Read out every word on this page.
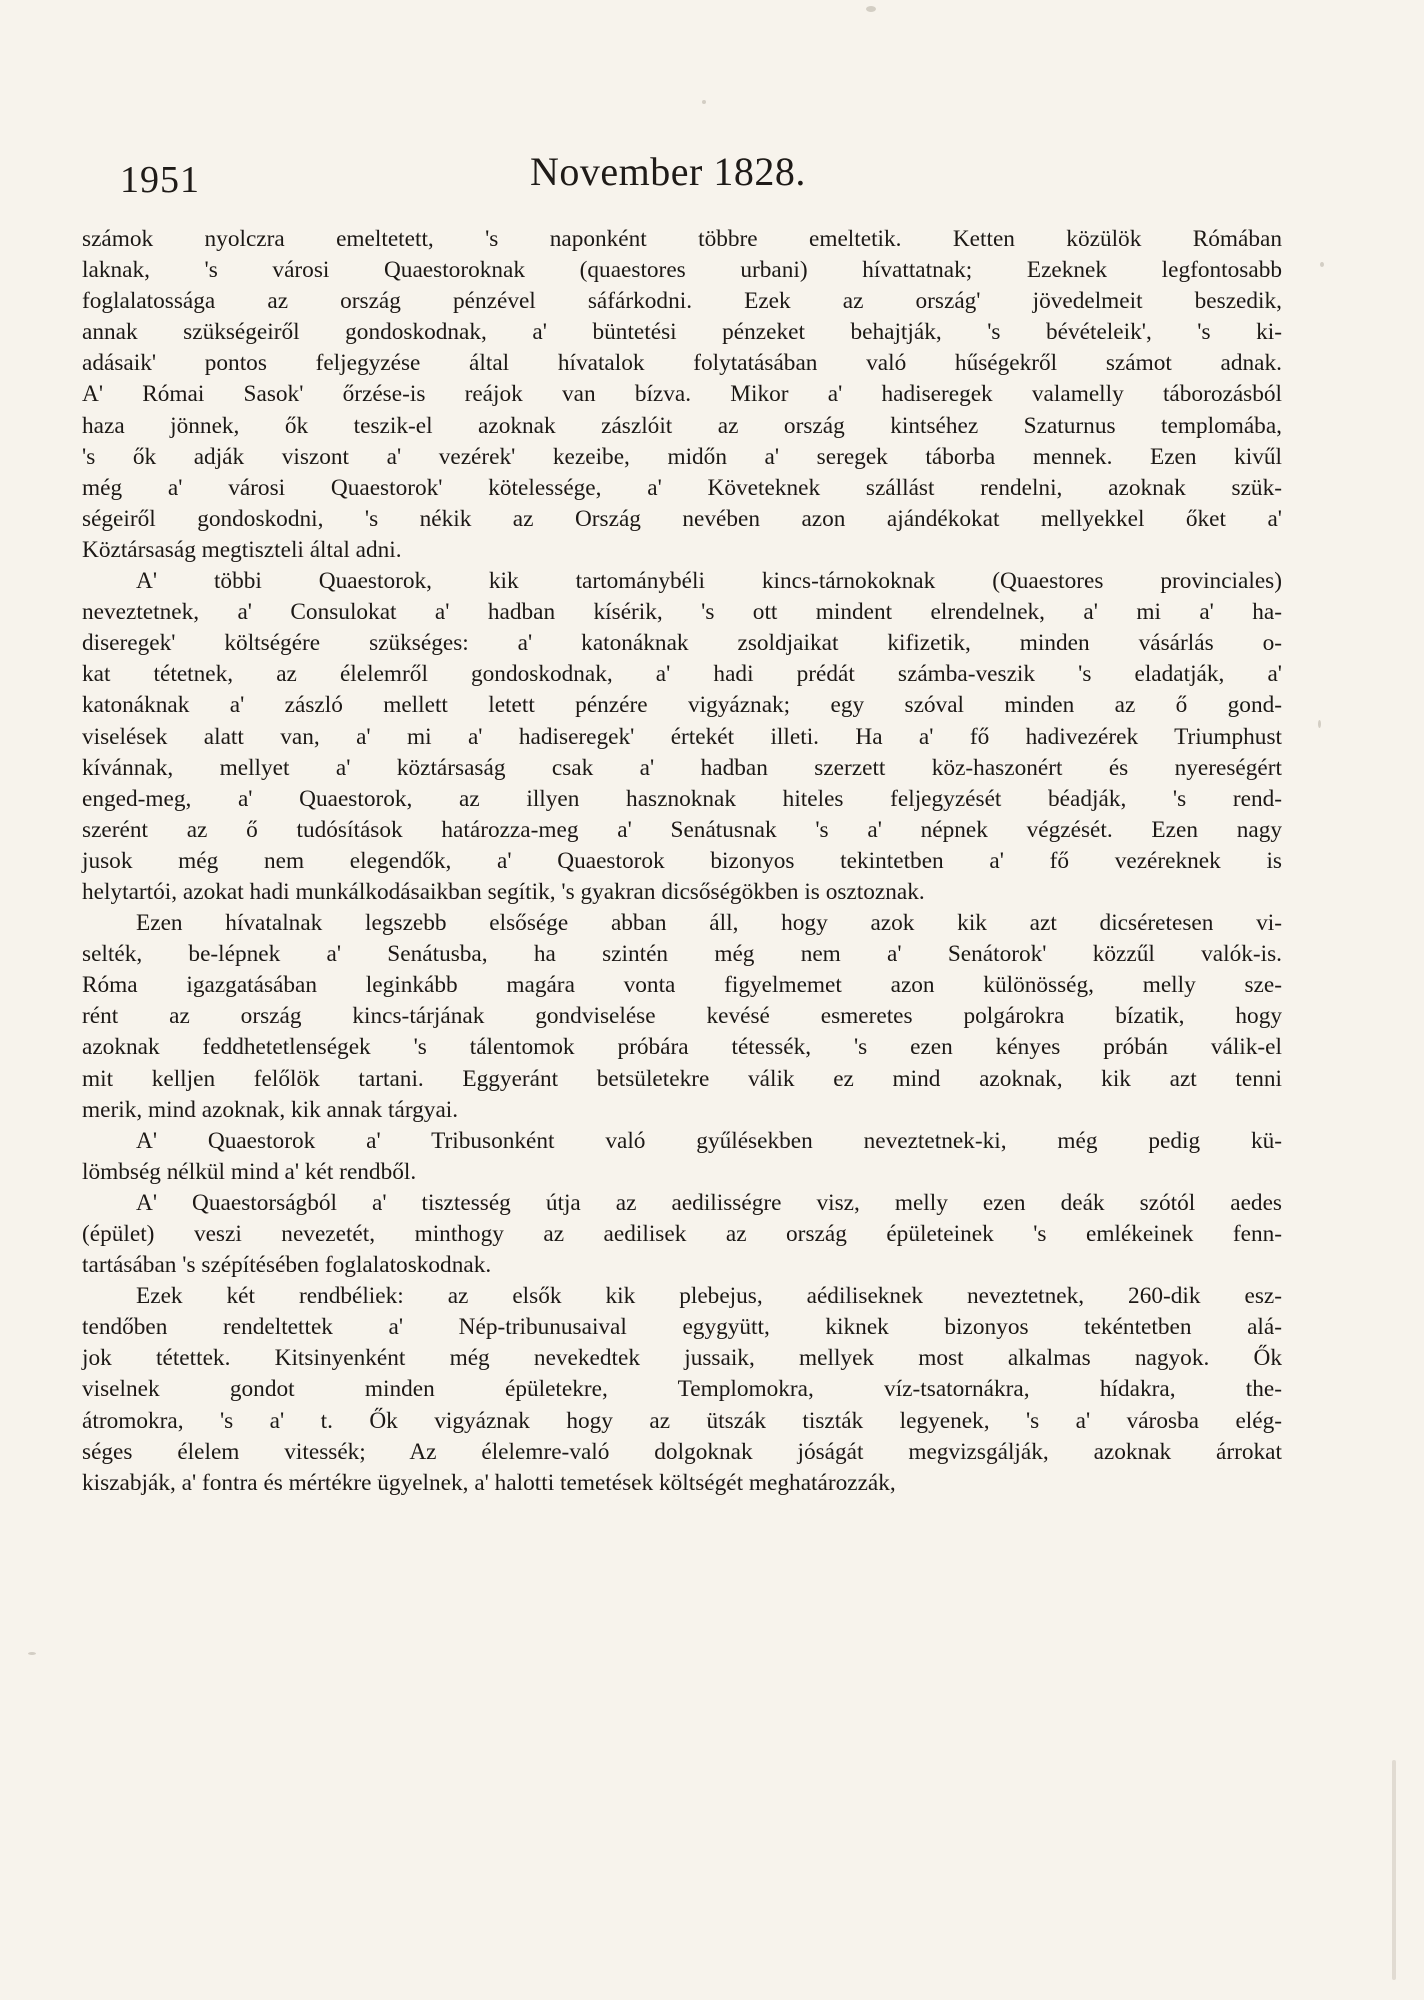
1951	November 1828.
számok nyolczra emeltetett, 's naponként többre emeltetik. Ketten közülök Rómában
laknak, 's városi Quaestoroknak (quaestores urbani) hívattatnak; Ezeknek legfontosabb
foglalatossága az ország pénzével sáfárkodni. Ezek az ország' jövedelmeit beszedik,
annak szükségeiről gondoskodnak, a' büntetési pénzeket behajtják, 's bévételeik', 's ki-
adásaik' pontos feljegyzése által hívatalok folytatásában való hűségekről számot adnak.
A' Római Sasok' őrzése-is reájok van bízva. Mikor a' hadiseregek valamelly táborozásból
haza jönnek, ők teszik-el azoknak zászlóit az ország kintséhez Szaturnus templomába,
's ők adják viszont a' vezérek' kezeibe, midőn a' seregek táborba mennek. Ezen kivűl
még a' városi Quaestorok' kötelessége, a' Követeknek szállást rendelni, azoknak szük-
ségeiről gondoskodni, 's nékik az Ország nevében azon ajándékokat mellyekkel őket a'
Köztársaság megtiszteli által adni.
A' többi Quaestorok, kik tartománybéli kincs-tárnokoknak (Quaestores provinciales)
neveztetnek, a' Consulokat a' hadban kísérik, 's ott mindent elrendelnek, a' mi a' ha-
diseregek' költségére szükséges: a' katonáknak zsoldjaikat kifizetik, minden vásárlás o-
kat tétetnek, az élelemről gondoskodnak, a' hadi prédát számba-veszik 's eladatják, a'
katonáknak a' zászló mellett letett pénzére vigyáznak; egy szóval minden az ő gond-
viselések alatt van, a' mi a' hadiseregek' értekét illeti. Ha a' fő hadivezérek Triumphust
kívánnak, mellyet a' köztársaság csak a' hadban szerzett köz-haszonért és nyereségért
enged-meg, a' Quaestorok, az illyen hasznoknak hiteles feljegyzését béadják, 's rend-
szerént az ő tudósítások határozza-meg a' Senátusnak 's a' népnek végzését. Ezen nagy
jusok még nem elegendők, a' Quaestorok bizonyos tekintetben a' fő vezéreknek is
helytartói, azokat hadi munkálkodásaikban segítik, 's gyakran dicsőségökben is osztoznak.
Ezen hívatalnak legszebb elsősége abban áll, hogy azok kik azt dicséretesen vi-
selték, be-lépnek a' Senátusba, ha szintén még nem a' Senátorok' közzűl valók-is.
Róma igazgatásában leginkább magára vonta figyelmemet azon különösség, melly sze-
rént az ország kincs-tárjának gondviselése kevésé esmeretes polgárokra bízatik, hogy
azoknak feddhetetlenségek 's tálentomok próbára tétessék, 's ezen kényes próbán válik-el
mit kelljen felőlök tartani. Eggyeránt betsületekre válik ez mind azoknak, kik azt tenni
merik, mind azoknak, kik annak tárgyai.
A' Quaestorok a' Tribusonként való gyűlésekben neveztetnek-ki, még pedig kü-
lömbség nélkül mind a' két rendből.
A' Quaestorságból a' tisztesség útja az aedilisségre visz, melly ezen deák szótól aedes
(épület) veszi nevezetét, minthogy az aedilisek az ország épületeinek 's emlékeinek fenn-
tartásában 's szépítésében foglalatoskodnak.
Ezek két rendbéliek: az elsők kik plebejus, aédiliseknek neveztetnek, 260-dik esz-
tendőben rendeltettek a' Nép-tribunusaival egygyütt, kiknek bizonyos tekéntetben alá-
jok tétettek. Kitsinyenként még nevekedtek jussaik, mellyek most alkalmas nagyok. Ők
viselnek gondot minden épületekre, Templomokra, víz-tsatornákra, hídakra, the-
átromokra, 's a' t. Ők vigyáznak hogy az ütszák tiszták legyenek, 's a' városba elég-
séges élelem vitessék; Az élelemre-való dolgoknak jóságát megvizsgálják, azoknak árrokat
kiszabják, a' fontra és mértékre ügyelnek, a' halotti temetések költségét meghatározzák,
